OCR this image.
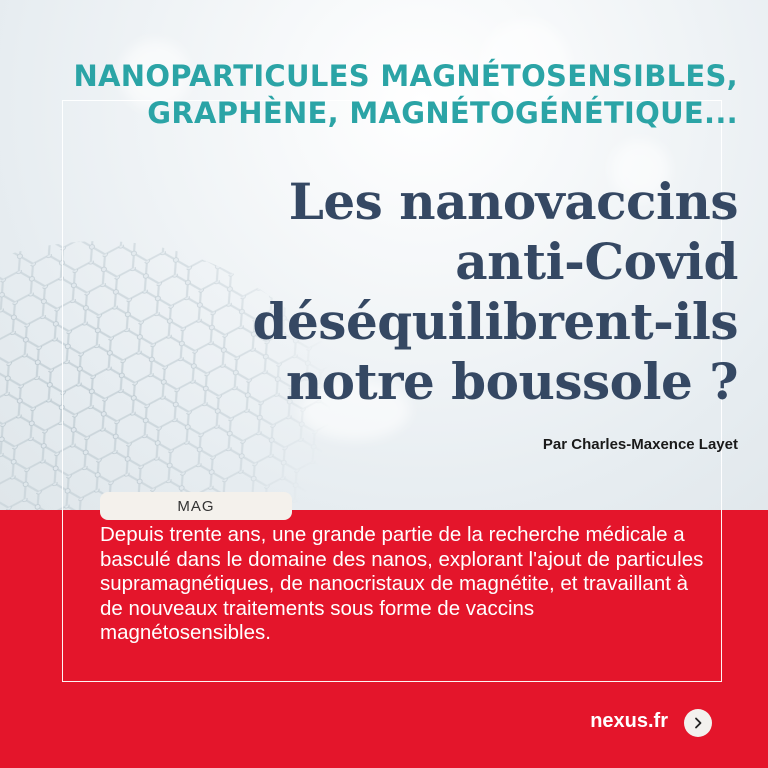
NANOPARTICULES MAGNÉTOSENSIBLES,
GRAPHÈNE, MAGNÉTOGÉNÉTIQUE...
Les nanovaccins
anti-Covid
déséquilibrent-ils
notre boussole ?
Par Charles-Maxence Layet
MAG
Depuis trente ans, une grande partie de la recherche médicale a basculé dans le domaine des nanos, explorant l'ajout de particules supramagnétiques, de nanocristaux de magnétite, et travaillant à de nouveaux traitements sous forme de vaccins magnétosensibles.
nexus.fr
